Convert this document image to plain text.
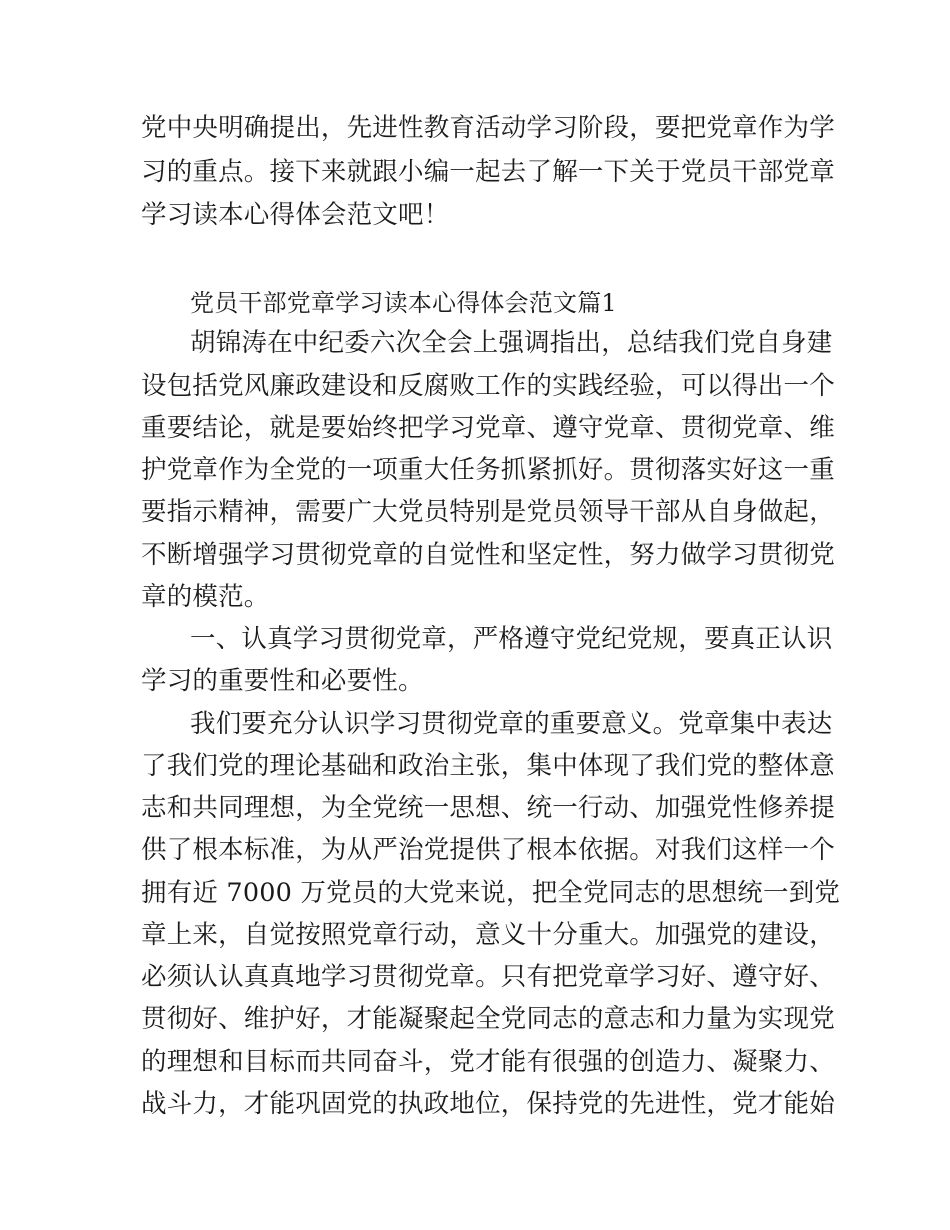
党中央明确提出，先进性教育活动学习阶段，要把党章作为学
习的重点。接下来就跟小编一起去了解一下关于党员干部党章
学习读本心得体会范文吧！
党员干部党章学习读本心得体会范文篇1
胡锦涛在中纪委六次全会上强调指出，总结我们党自身建
设包括党风廉政建设和反腐败工作的实践经验，可以得出一个
重要结论，就是要始终把学习党章、遵守党章、贯彻党章、维
护党章作为全党的一项重大任务抓紧抓好。贯彻落实好这一重
要指示精神，需要广大党员特别是党员领导干部从自身做起，
不断增强学习贯彻党章的自觉性和坚定性，努力做学习贯彻党
章的模范。
一、认真学习贯彻党章，严格遵守党纪党规，要真正认识
学习的重要性和必要性。
我们要充分认识学习贯彻党章的重要意义。党章集中表达
了我们党的理论基础和政治主张，集中体现了我们党的整体意
志和共同理想，为全党统一思想、统一行动、加强党性修养提
供了根本标准，为从严治党提供了根本依据。对我们这样一个
拥有近 7000 万党员的大党来说，把全党同志的思想统一到党
章上来，自觉按照党章行动，意义十分重大。加强党的建设，
必须认认真真地学习贯彻党章。只有把党章学习好、遵守好、
贯彻好、维护好，才能凝聚起全党同志的意志和力量为实现党
的理想和目标而共同奋斗，党才能有很强的创造力、凝聚力、
战斗力，才能巩固党的执政地位，保持党的先进性，党才能始
